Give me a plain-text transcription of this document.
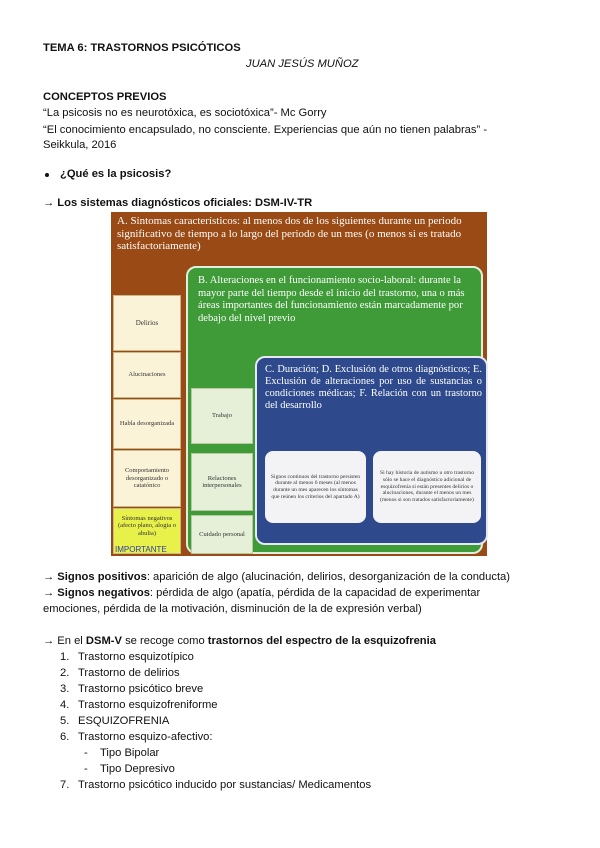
TEMA 6: TRASTORNOS PSICÓTICOS
JUAN JESÚS MUÑOZ
CONCEPTOS PREVIOS
“La psicosis no es neurotóxica, es sociotóxica”- Mc Gorry
“El conocimiento encapsulado, no consciente. Experiencias que aún no tienen palabras” -
Seikkula, 2016
¿Qué es la psicosis?
→ Los sistemas diagnósticos oficiales: DSM-IV-TR
A. Síntomas característicos: al menos dos de los siguientes durante un periodo significativo de tiempo a lo largo del periodo de un mes (o menos si es tratado satisfactoriamente)
Delirios
Alucinaciones
Habla desorganizada
Comportamiento desorganizado o catatónico
Síntomas negativos (afecto plano, alogia o abulia)
IMPORTANTE
B. Alteraciones en el funcionamiento socio-laboral: durante la mayor parte del tiempo desde el inicio del trastorno, una o más áreas importantes del funcionamiento están marcadamente por debajo del nivel previo
Trabajo
Relaciones interpersonales
Cuidado personal
C. Duración; D. Exclusión de otros diagnósticos; E. Exclusión de alteraciones por uso de sustancias o condiciones médicas; F. Relación con un trastorno del desarrollo
Signos continuos del trastorno persisten durante al menos 6 meses (al menos durante un mes aparecen los síntomas que reúnen los criterios del apartado A)
Si hay historia de autismo u otro trastorno sólo se hace el diagnóstico adicional de esquizofrenia si están presentes delirios o alucinaciones, durante el menos un mes (menos si son tratados satisfactoriamente)
→ Signos positivos: aparición de algo (alucinación, delirios, desorganización de la conducta)
→ Signos negativos: pérdida de algo (apatía, pérdida de la capacidad de experimentar
emociones, pérdida de la motivación, disminución de la de expresión verbal)
→ En el DSM-V se recoge como trastornos del espectro de la esquizofrenia
1. Trastorno esquizotípico
2. Trastorno de delirios
3. Trastorno psicótico breve
4. Trastorno esquizofreniforme
5. ESQUIZOFRENIA
6. Trastorno esquizo-afectivo:
- Tipo Bipolar
- Tipo Depresivo
7. Trastorno psicótico inducido por sustancias/ Medicamentos
